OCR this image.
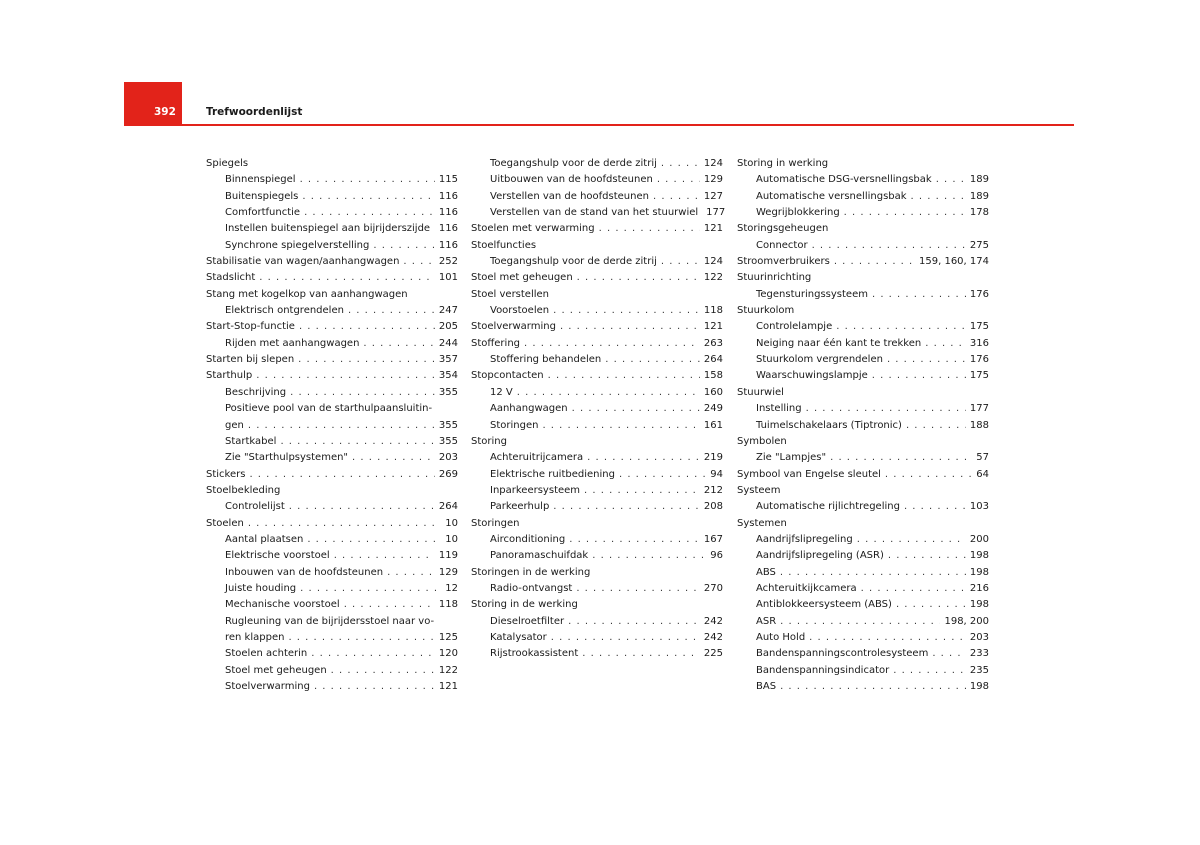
392	Trefwoordenlijst
Spiegels
Binnenspiegel . . .	115
Buitenspiegels . . .	116
Comfortfunctie . . .	116
Instellen buitenspiegel aan bijrijderszijde . . . 116
Synchrone spiegelverstelling . . .	116
Stabilisatie van wagen/aanhangwagen . . .	252
Stadslicht . . .	101
Stang met kogelkop van aanhangwagen
Elektrisch ontgrendelen . . .	247
Start-Stop-functie . . .	205
Rijden met aanhangwagen . . .	244
Starten bij slepen . . .	357
Starthulp . . .	354
Beschrijving . . .	355
Positieve pool van de starthulpaansluitin-
gen . . .	355
Startkabel . . .	355
Zie "Starthulpsystemen" . . .	203
Stickers . . .	269
Stoelbekleding
Controlelijst . . .	264
Stoelen . . .	10
Aantal plaatsen . . .	10
Elektrische voorstoel . . .	119
Inbouwen van de hoofdsteunen . . .	129
Juiste houding . . .	12
Mechanische voorstoel . . .	118
Rugleuning van de bijrijdersstoel naar vo-
ren klappen . . .	125
Stoelen achterin . . .	120
Stoel met geheugen . . .	122
Stoelverwarming . . .	121
Toegangshulp voor de derde zitrij . . .	124
Uitbouwen van de hoofdsteunen . . .	129
Verstellen van de hoofdsteunen . . .	127
Verstellen van de stand van het stuurwiel 177
Stoelen met verwarming . . .	121
Stoelfuncties
Toegangshulp voor de derde zitrij . . .	124
Stoel met geheugen . . .	122
Stoel verstellen
Voorstoelen . . .	118
Stoelverwarming . . .	121
Stoffering . . .	263
Stoffering behandelen . . .	264
Stopcontacten . . .	158
12 V . . .	160
Aanhangwagen . . .	249
Storingen . . .	161
Storing
Achteruitrijcamera . . .	219
Elektrische ruitbediening . . .	94
Inparkeersysteem . . .	212
Parkeerhulp . . .	208
Storingen
Airconditioning . . .	167
Panoramaschuifdak . . .	96
Storingen in de werking
Radio-ontvangst . . .	270
Storing in de werking
Dieselroetfilter . . .	242
Katalysator . . .	242
Rijstrookassistent . . .	225
Storing in werking
Automatische DSG-versnellingsbak . . .	189
Automatische versnellingsbak . . .	189
Wegrijblokkering . . .	178
Storingsgeheugen
Connector . . .	275
Stroomverbruikers . . .	159, 160, 174
Stuurinrichting
Tegensturingssysteem . . .	176
Stuurkolom
Controlelampje . . .	175
Neiging naar één kant te trekken . . .	316
Stuurkolom vergrendelen . . .	176
Waarschuwingslampje . . .	175
Stuurwiel
Instelling . . .	177
Tuimelschakelaars (Tiptronic) . . .	188
Symbolen
Zie "Lampjes" . . .	57
Symbool van Engelse sleutel . . .	64
Systeem
Automatische rijlichtregeling . . .	103
Systemen
Aandrijfslipregeling . . .	200
Aandrijfslipregeling (ASR) . . .	198
ABS . . .	198
Achteruitkijkcamera . . .	216
Antiblokkeersysteem (ABS) . . .	198
ASR . . .	198, 200
Auto Hold . . .	203
Bandenspanningscontrolesysteem . . .	233
Bandenspanningsindicator . . .	235
BAS . . .	198
